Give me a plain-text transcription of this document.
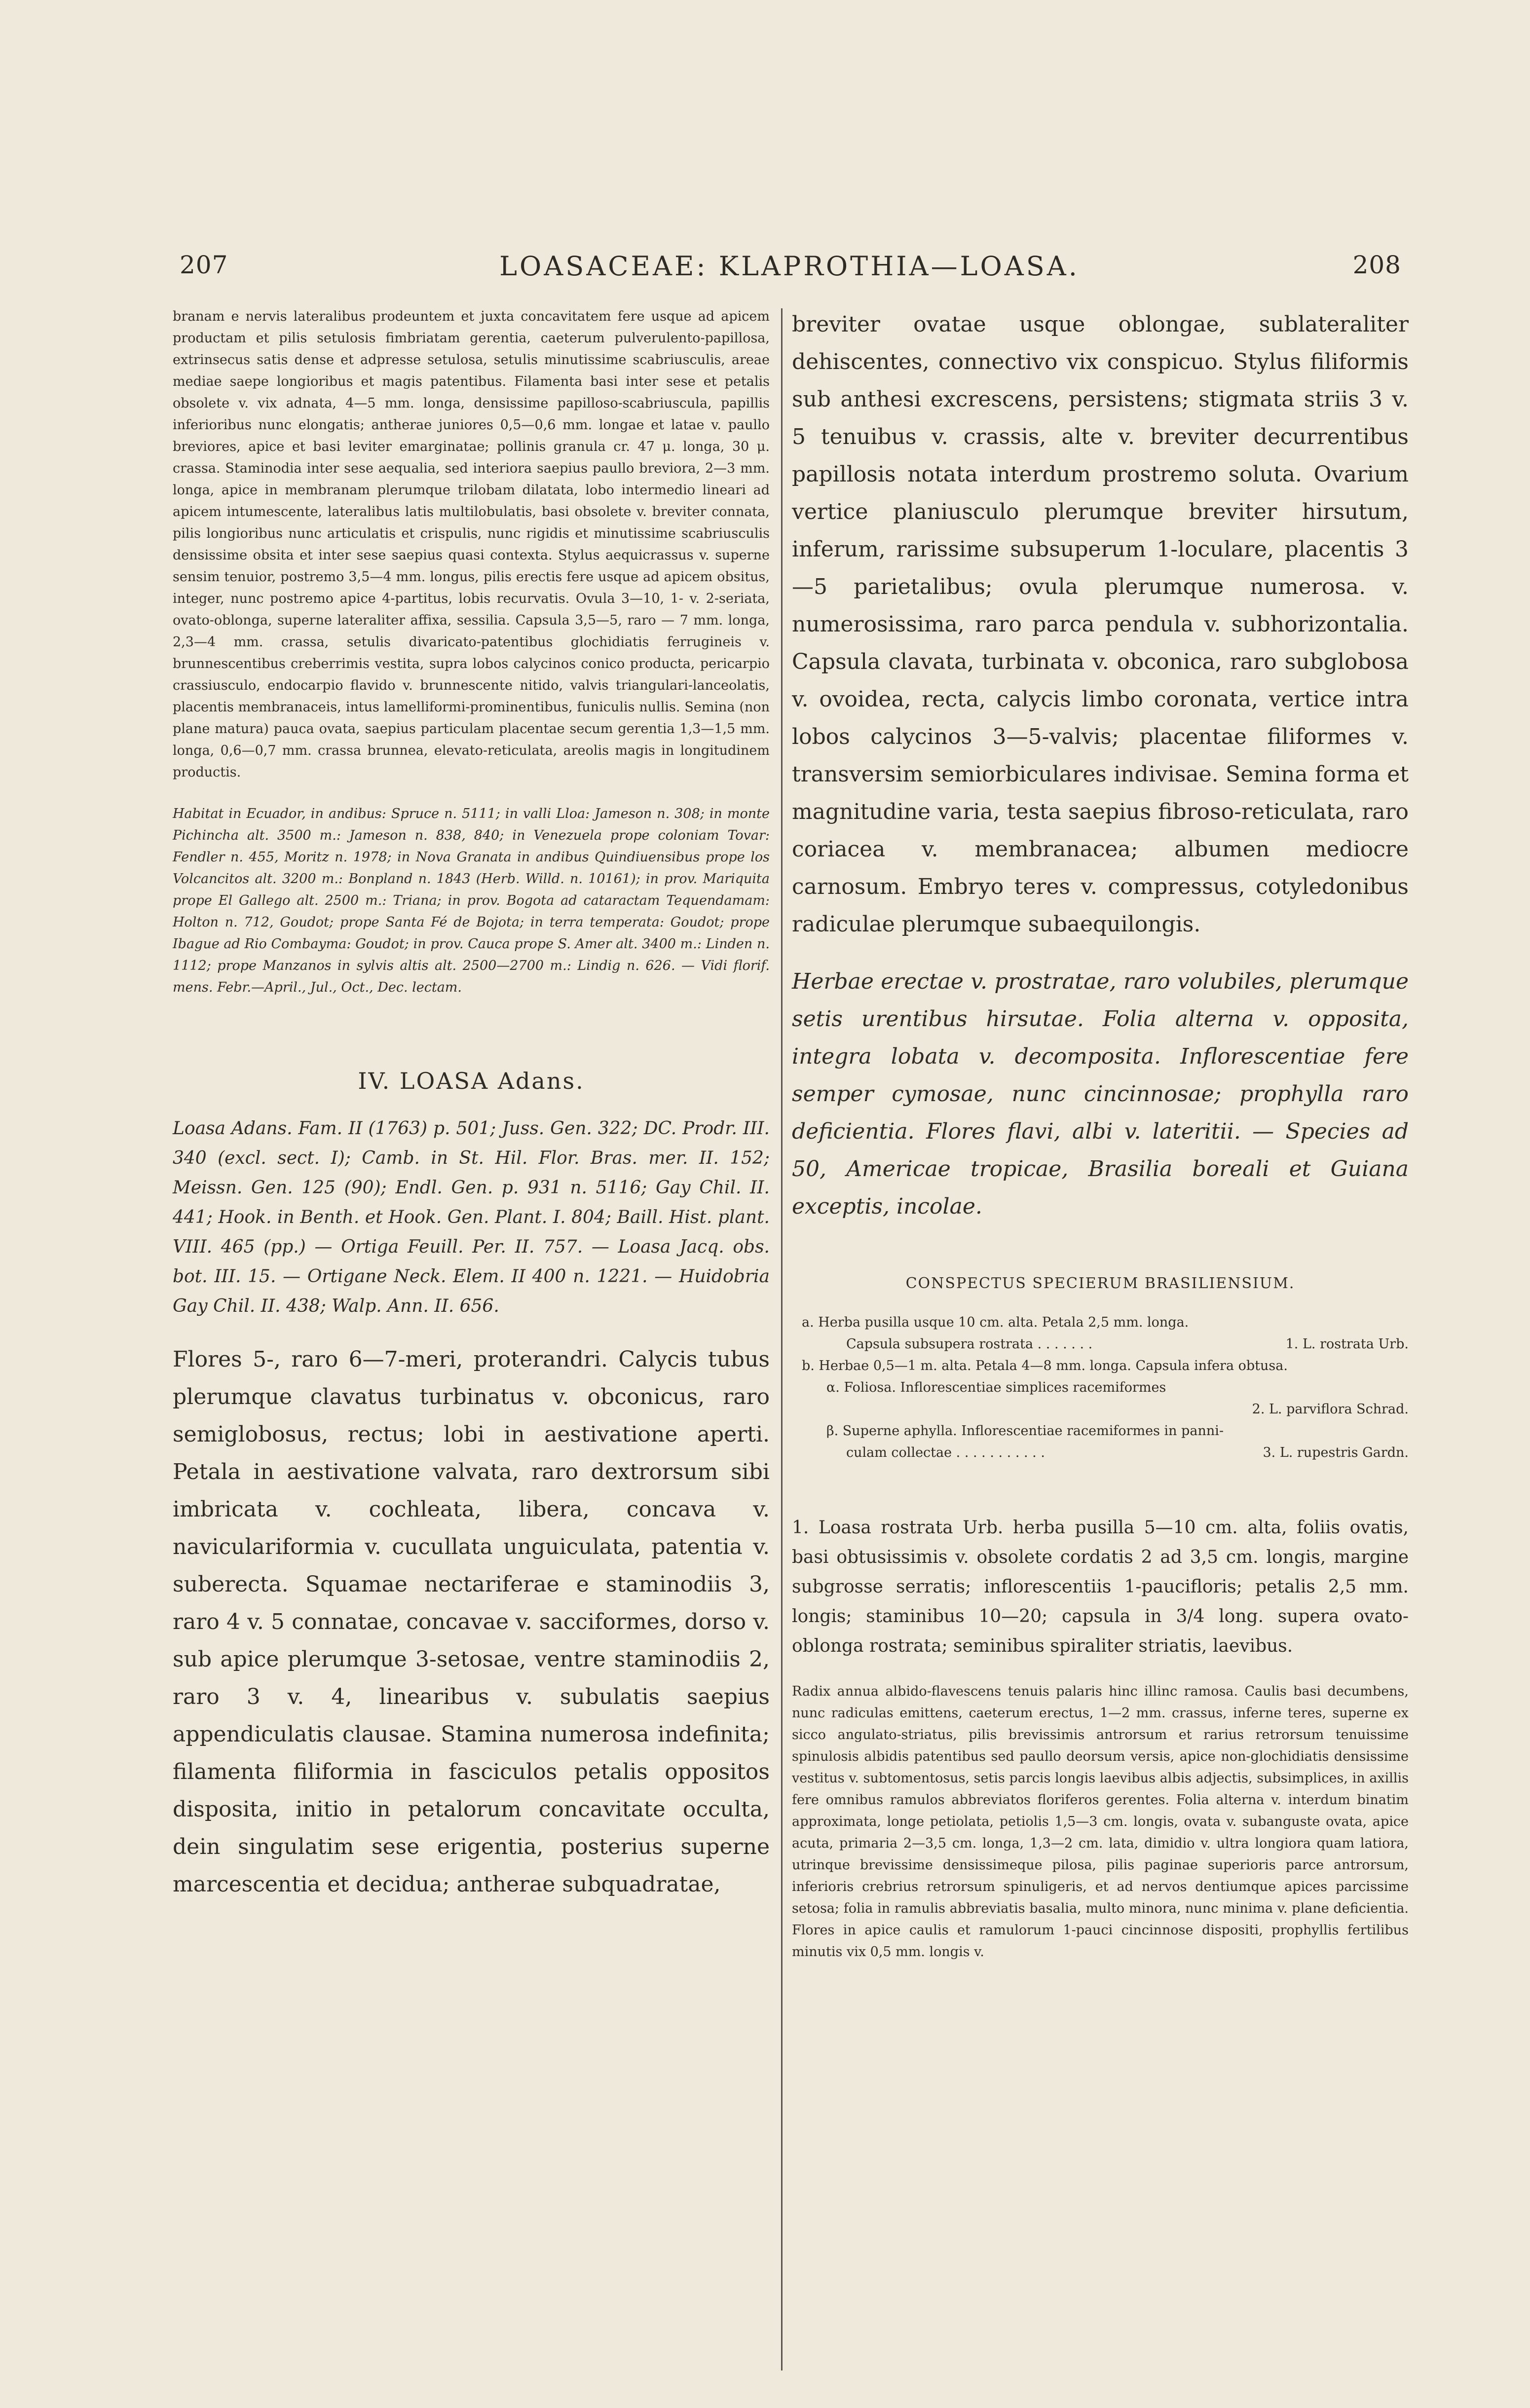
207	LOASACEAE: KLAPROTHIA—LOASA.	208

branam e nervis lateralibus prodeuntem et juxta concavitatem fere usque ad apicem productam et pilis setulosis fimbriatam gerentia, caeterum pulverulento-papillosa, extrinsecus satis dense et adpresse setulosa, setulis minutissime scabriusculis, areae mediae saepe longioribus et magis patentibus. Filamenta basi inter sese et petalis obsolete v. vix adnata, 4—5 mm. longa, densissime papilloso-scabriuscula, papillis inferioribus nunc elongatis; antherae juniores 0,5—0,6 mm. longae et latae v. paullo breviores, apice et basi leviter emarginatae; pollinis granula cr. 47 μ. longa, 30 μ. crassa. Staminodia inter sese aequalia, sed interiora saepius paullo breviora, 2—3 mm. longa, apice in membranam plerumque trilobam dilatata, lobo intermedio lineari ad apicem intumescente, lateralibus latis multilobulatis, basi obsolete v. breviter connata, pilis longioribus nunc articulatis et crispulis, nunc rigidis et minutissime scabriusculis densissime obsita et inter sese saepius quasi contexta. Stylus aequicrassus v. superne sensim tenuior, postremo 3,5—4 mm. longus, pilis erectis fere usque ad apicem obsitus, integer, nunc postremo apice 4-partitus, lobis recurvatis. Ovula 3—10, 1- v. 2-seriata, ovato-oblonga, superne lateraliter affixa, sessilia. Capsula 3,5—5, raro — 7 mm. longa, 2,3—4 mm. crassa, setulis divaricato-patentibus glochidiatis ferrugineis v. brunnescentibus creberrimis vestita, supra lobos calycinos conico producta, pericarpio crassiusculo, endocarpio flavido v. brunnescente nitido, valvis triangulari-lanceolatis, placentis membranaceis, intus lamelliformi-prominentibus, funiculis nullis. Semina (non plane matura) pauca ovata, saepius particulam placentae secum gerentia 1,3—1,5 mm. longa, 0,6—0,7 mm. crassa brunnea, elevato-reticulata, areolis magis in longitudinem productis.

Habitat in Ecuador, in andibus: Spruce n. 5111; in valli Lloa: Jameson n. 308; in monte Pichincha alt. 3500 m.: Jameson n. 838, 840; in Venezuela prope coloniam Tovar: Fendler n. 455, Moritz n. 1978; in Nova Granata in andibus Quindiuensibus prope los Volcancitos alt. 3200 m.: Bonpland n. 1843 (Herb. Willd. n. 10161); in prov. Mariquita prope El Gallego alt. 2500 m.: Triana; in prov. Bogota ad cataractam Tequendamam: Holton n. 712, Goudot; prope Santa Fé de Bojota; in terra temperata: Goudot; prope Ibague ad Rio Combayma: Goudot; in prov. Cauca prope S. Amer alt. 3400 m.: Linden n. 1112; prope Manzanos in sylvis altis alt. 2500—2700 m.: Lindig n. 626. — Vidi florif. mens. Febr.—April., Jul., Oct., Dec. lectam.

IV. LOASA Adans.

Loasa Adans. Fam. II (1763) p. 501; Juss. Gen. 322; DC. Prodr. III. 340 (excl. sect. I); Camb. in St. Hil. Flor. Bras. mer. II. 152; Meissn. Gen. 125 (90); Endl. Gen. p. 931 n. 5116; Gay Chil. II. 441; Hook. in Benth. et Hook. Gen. Plant. I. 804; Baill. Hist. plant. VIII. 465 (pp.) — Ortiga Feuill. Per. II. 757. — Loasa Jacq. obs. bot. III. 15. — Ortigane Neck. Elem. II 400 n. 1221. — Huidobria Gay Chil. II. 438; Walp. Ann. II. 656.

Flores 5-, raro 6—7-meri, proterandri. Calycis tubus plerumque clavatus turbinatus v. obconicus, raro semiglobosus, rectus; lobi in aestivatione aperti. Petala in aestivatione valvata, raro dextrorsum sibi imbricata v. cochleata, libera, concava v. naviculariformia v. cucullata unguiculata, patentia v. suberecta. Squamae nectariferae e staminodiis 3, raro 4 v. 5 connatae, concavae v. sacciformes, dorso v. sub apice plerumque 3-setosae, ventre staminodiis 2, raro 3 v. 4, linearibus v. subulatis saepius appendiculatis clausae. Stamina numerosa indefinita; filamenta filiformia in fasciculos petalis oppositos disposita, initio in petalorum concavitate occulta, dein singulatim sese erigentia, posterius superne marcescentia et decidua; antherae subquadratae,

breviter ovatae usque oblongae, sublateraliter dehiscentes, connectivo vix conspicuo. Stylus filiformis sub anthesi excrescens, persistens; stigmata striis 3 v. 5 tenuibus v. crassis, alte v. breviter decurrentibus papillosis notata interdum prostremo soluta. Ovarium vertice planiusculo plerumque breviter hirsutum, inferum, rarissime subsuperum 1-loculare, placentis 3—5 parietalibus; ovula plerumque numerosa. v. numerosissima, raro parca pendula v. subhorizontalia. Capsula clavata, turbinata v. obconica, raro subglobosa v. ovoidea, recta, calycis limbo coronata, vertice intra lobos calycinos 3—5-valvis; placentae filiformes v. transversim semiorbiculares indivisae. Semina forma et magnitudine varia, testa saepius fibroso-reticulata, raro coriacea v. membranacea; albumen mediocre carnosum. Embryo teres v. compressus, cotyledonibus radiculae plerumque subaequilongis.

Herbae erectae v. prostratae, raro volubiles, plerumque setis urentibus hirsutae. Folia alterna v. opposita, integra lobata v. decomposita. Inflorescentiae fere semper cymosae, nunc cincinnosae; prophylla raro deficientia. Flores flavi, albi v. lateritii. — Species ad 50, Americae tropicae, Brasilia boreali et Guiana exceptis, incolae.

CONSPECTUS SPECIERUM BRASILIENSIUM.
a. Herba pusilla usque 10 cm. alta. Petala 2,5 mm. longa.
Capsula subsupera rostrata . . . . . . .	1. L. rostrata Urb.
b. Herbae 0,5—1 m. alta. Petala 4—8 mm. longa. Capsula infera obtusa.
α. Foliosa. Inflorescentiae simplices racemiformes
2. L. parviflora Schrad.
β. Superne aphylla. Inflorescentiae racemiformes in panni-
culam collectae . . . . . . . . . . .	3. L. rupestris Gardn.

1. Loasa rostrata Urb. herba pusilla 5—10 cm. alta, foliis ovatis, basi obtusissimis v. obsolete cordatis 2 ad 3,5 cm. longis, margine subgrosse serratis; inflorescentiis 1-paucifloris; petalis 2,5 mm. longis; staminibus 10—20; capsula in 3/4 long. supera ovato-oblonga rostrata; seminibus spiraliter striatis, laevibus.

Radix annua albido-flavescens tenuis palaris hinc illinc ramosa. Caulis basi decumbens, nunc radiculas emittens, caeterum erectus, 1—2 mm. crassus, inferne teres, superne ex sicco angulato-striatus, pilis brevissimis antrorsum et rarius retrorsum tenuissime spinulosis albidis patentibus sed paullo deorsum versis, apice non-glochidiatis densissime vestitus v. subtomentosus, setis parcis longis laevibus albis adjectis, subsimplices, in axillis fere omnibus ramulos abbreviatos floriferos gerentes. Folia alterna v. interdum binatim approximata, longe petiolata, petiolis 1,5—3 cm. longis, ovata v. subanguste ovata, apice acuta, primaria 2—3,5 cm. longa, 1,3—2 cm. lata, dimidio v. ultra longiora quam latiora, utrinque brevissime densissimeque pilosa, pilis paginae superioris parce antrorsum, inferioris crebrius retrorsum spinuligeris, et ad nervos dentiumque apices parcissime setosa; folia in ramulis abbreviatis basalia, multo minora, nunc minima v. plane deficientia. Flores in apice caulis et ramulorum 1-pauci cincinnose dispositi, prophyllis fertilibus minutis vix 0,5 mm. longis v.
